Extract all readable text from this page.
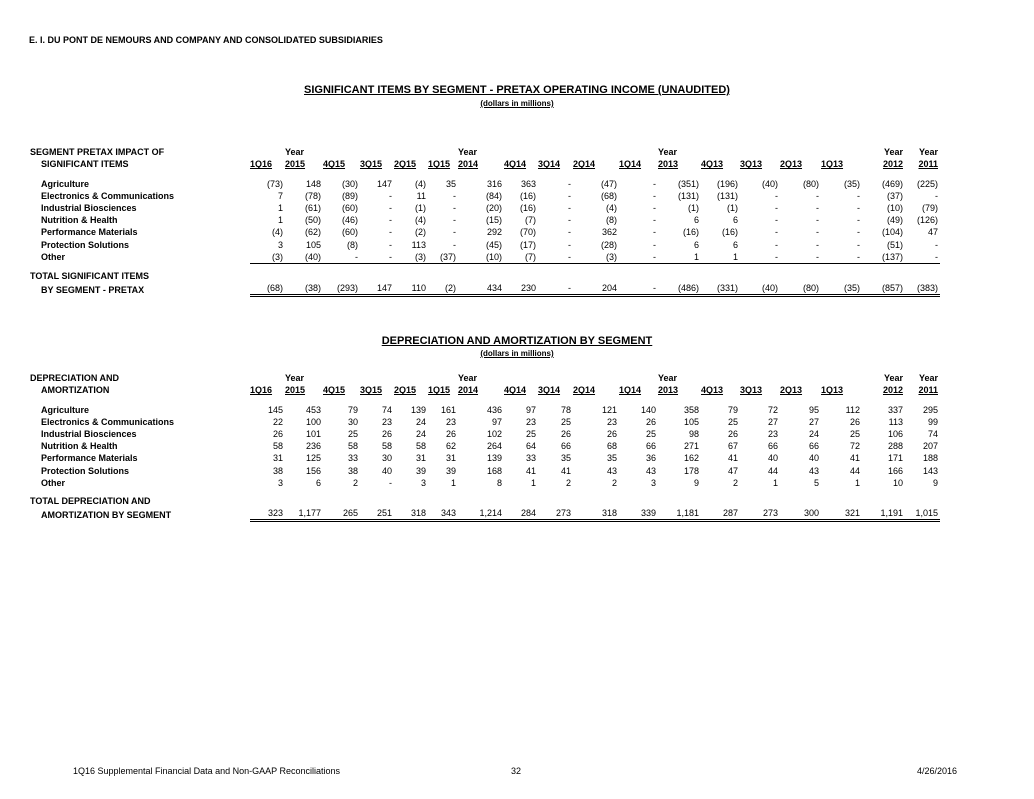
E. I. DU PONT DE NEMOURS AND COMPANY AND CONSOLIDATED SUBSIDIARIES
SIGNIFICANT ITEMS BY SEGMENT - PRETAX OPERATING INCOME (UNAUDITED)
(dollars in millions)
SEGMENT PRETAX IMPACT OF		Year					Year					Year					Year	Year
SIGNIFICANT ITEMS	1Q16	2015	4Q15	3Q15	2Q15	1Q15	2014	4Q14	3Q14	2Q14	1Q14	2013	4Q13	3Q13	2Q13	1Q13	2012	2011

Agriculture	(73)	148	(30)	147	(4)	35	316	363	-	(47)	-	(351)	(196)	(40)	(80)	(35)	(469)	(225)
Electronics & Communications	7	(78)	(89)	-	11	-	(84)	(16)	-	(68)	-	(131)	(131)	-	-	-	(37)	-
Industrial Biosciences	1	(61)	(60)	-	(1)	-	(20)	(16)	-	(4)	-	(1)	(1)	-	-	-	(10)	(79)
Nutrition & Health	1	(50)	(46)	-	(4)	-	(15)	(7)	-	(8)	-	6	6	-	-	-	(49)	(126)
Performance Materials	(4)	(62)	(60)	-	(2)	-	292	(70)	-	362	-	(16)	(16)	-	-	-	(104)	47
Protection Solutions	3	105	(8)	-	113	-	(45)	(17)	-	(28)	-	6	6	-	-	-	(51)	-
Other	(3)	(40)	-	-	(3)	(37)	(10)	(7)	-	(3)	-	1	1	-	-	-	(137)	-

TOTAL SIGNIFICANT ITEMS																		
BY SEGMENT - PRETAX	(68)	(38)	(293)	147	110	(2)	434	230	-	204	-	(486)	(331)	(40)	(80)	(35)	(857)	(383)
DEPRECIATION AND AMORTIZATION BY SEGMENT
(dollars in millions)
DEPRECIATION AND		Year					Year					Year					Year	Year
AMORTIZATION	1Q16	2015	4Q15	3Q15	2Q15	1Q15	2014	4Q14	3Q14	2Q14	1Q14	2013	4Q13	3Q13	2Q13	1Q13	2012	2011

Agriculture	145	453	79	74	139	161	436	97	78	121	140	358	79	72	95	112	337	295
Electronics & Communications	22	100	30	23	24	23	97	23	25	23	26	105	25	27	27	26	113	99
Industrial Biosciences	26	101	25	26	24	26	102	25	26	26	25	98	26	23	24	25	106	74
Nutrition & Health	58	236	58	58	58	62	264	64	66	68	66	271	67	66	66	72	288	207
Performance Materials	31	125	33	30	31	31	139	33	35	35	36	162	41	40	40	41	171	188
Protection Solutions	38	156	38	40	39	39	168	41	41	43	43	178	47	44	43	44	166	143
Other	3	6	2	-	3	1	8	1	2	2	3	9	2	1	5	1	10	9

TOTAL DEPRECIATION AND																		
AMORTIZATION BY SEGMENT	323	1,177	265	251	318	343	1,214	284	273	318	339	1,181	287	273	300	321	1,191	1,015
1Q16 Supplemental Financial Data and Non-GAAP Reconciliations	32	4/26/2016
